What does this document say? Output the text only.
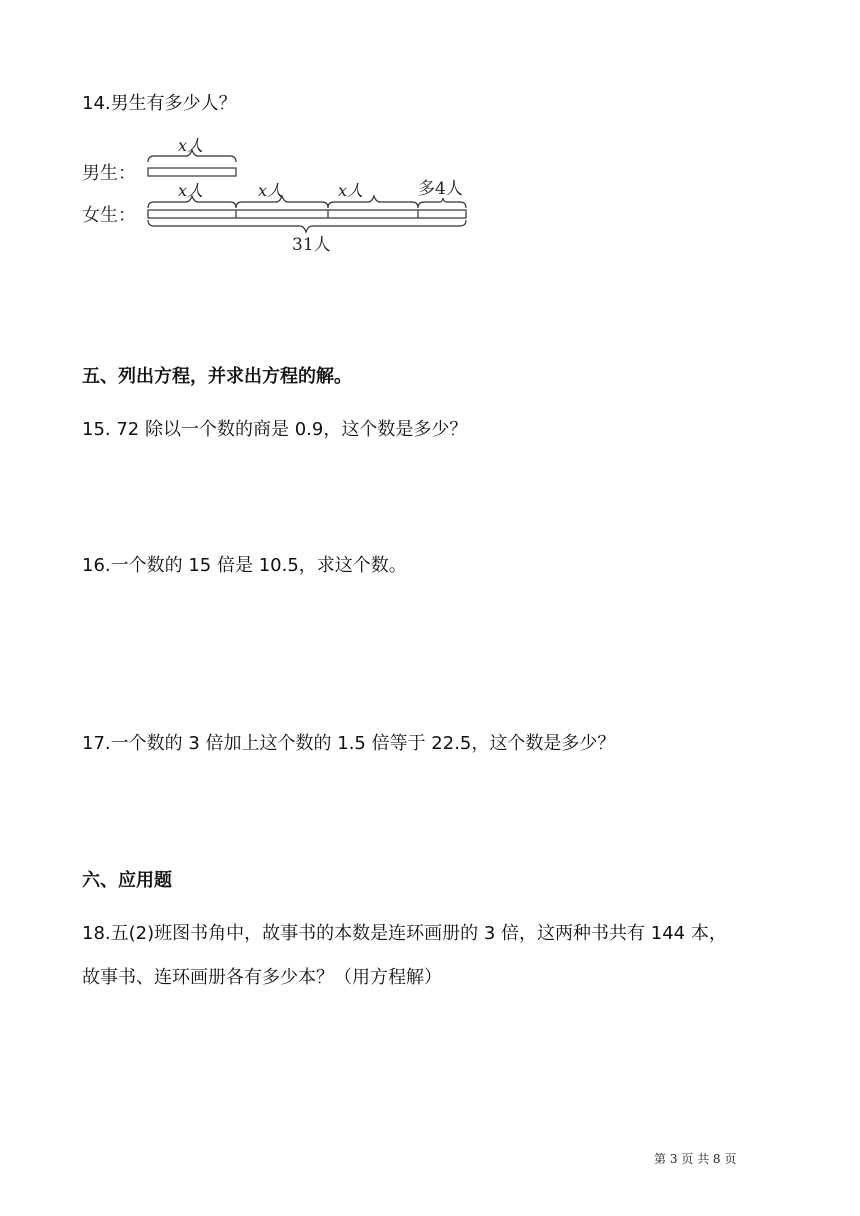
14.男生有多少人？
男生：
x人
x人	x人	x人	多4人
女生：
31人
五、列出方程，并求出方程的解。
15. 72 除以一个数的商是 0.9，这个数是多少？
16.一个数的 15 倍是 10.5，求这个数。
17.一个数的 3 倍加上这个数的 1.5 倍等于 22.5，这个数是多少？
六、应用题
18.五(2)班图书角中，故事书的本数是连环画册的 3 倍，这两种书共有 144 本，
故事书、连环画册各有多少本？（用方程解）
第 3 页 共 8 页
